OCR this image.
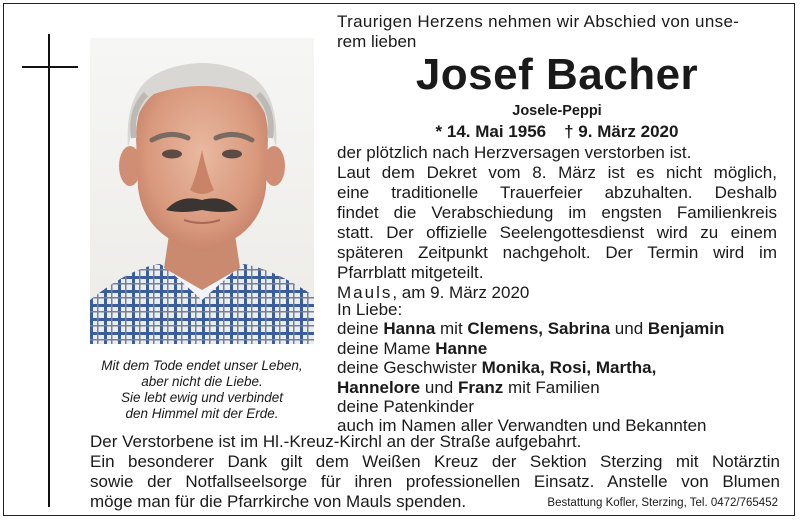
Mit dem Tode endet unser Leben,
aber nicht die Liebe.
Sie lebt ewig und verbindet
den Himmel mit der Erde.
Traurigen Herzens nehmen wir Abschied von unse-
rem lieben
Josef Bacher
Josele-Peppi
* 14. Mai 1956 † 9. März 2020
der plötzlich nach Herzversagen verstorben ist.
Laut dem Dekret vom 8. März ist es nicht möglich,
eine traditionelle Trauerfeier abzuhalten. Deshalb
findet die Verabschiedung im engsten Familienkreis
statt. Der offizielle Seelengottesdienst wird zu einem
späteren Zeitpunkt nachgeholt. Der Termin wird im
Pfarrblatt mitgeteilt.
Mauls, am 9. März 2020
In Liebe:
deine Hanna mit Clemens, Sabrina und Benjamin
deine Mame Hanne
deine Geschwister Monika, Rosi, Martha,
Hannelore und Franz mit Familien
deine Patenkinder
auch im Namen aller Verwandten und Bekannten
Der Verstorbene ist im Hl.-Kreuz-Kirchl an der Straße aufgebahrt.
Ein besonderer Dank gilt dem Weißen Kreuz der Sektion Sterzing mit Notärztin
sowie der Notfallseelsorge für ihren professionellen Einsatz. Anstelle von Blumen
möge man für die Pfarrkirche von Mauls spenden.	Bestattung Kofler, Sterzing, Tel. 0472/765452
